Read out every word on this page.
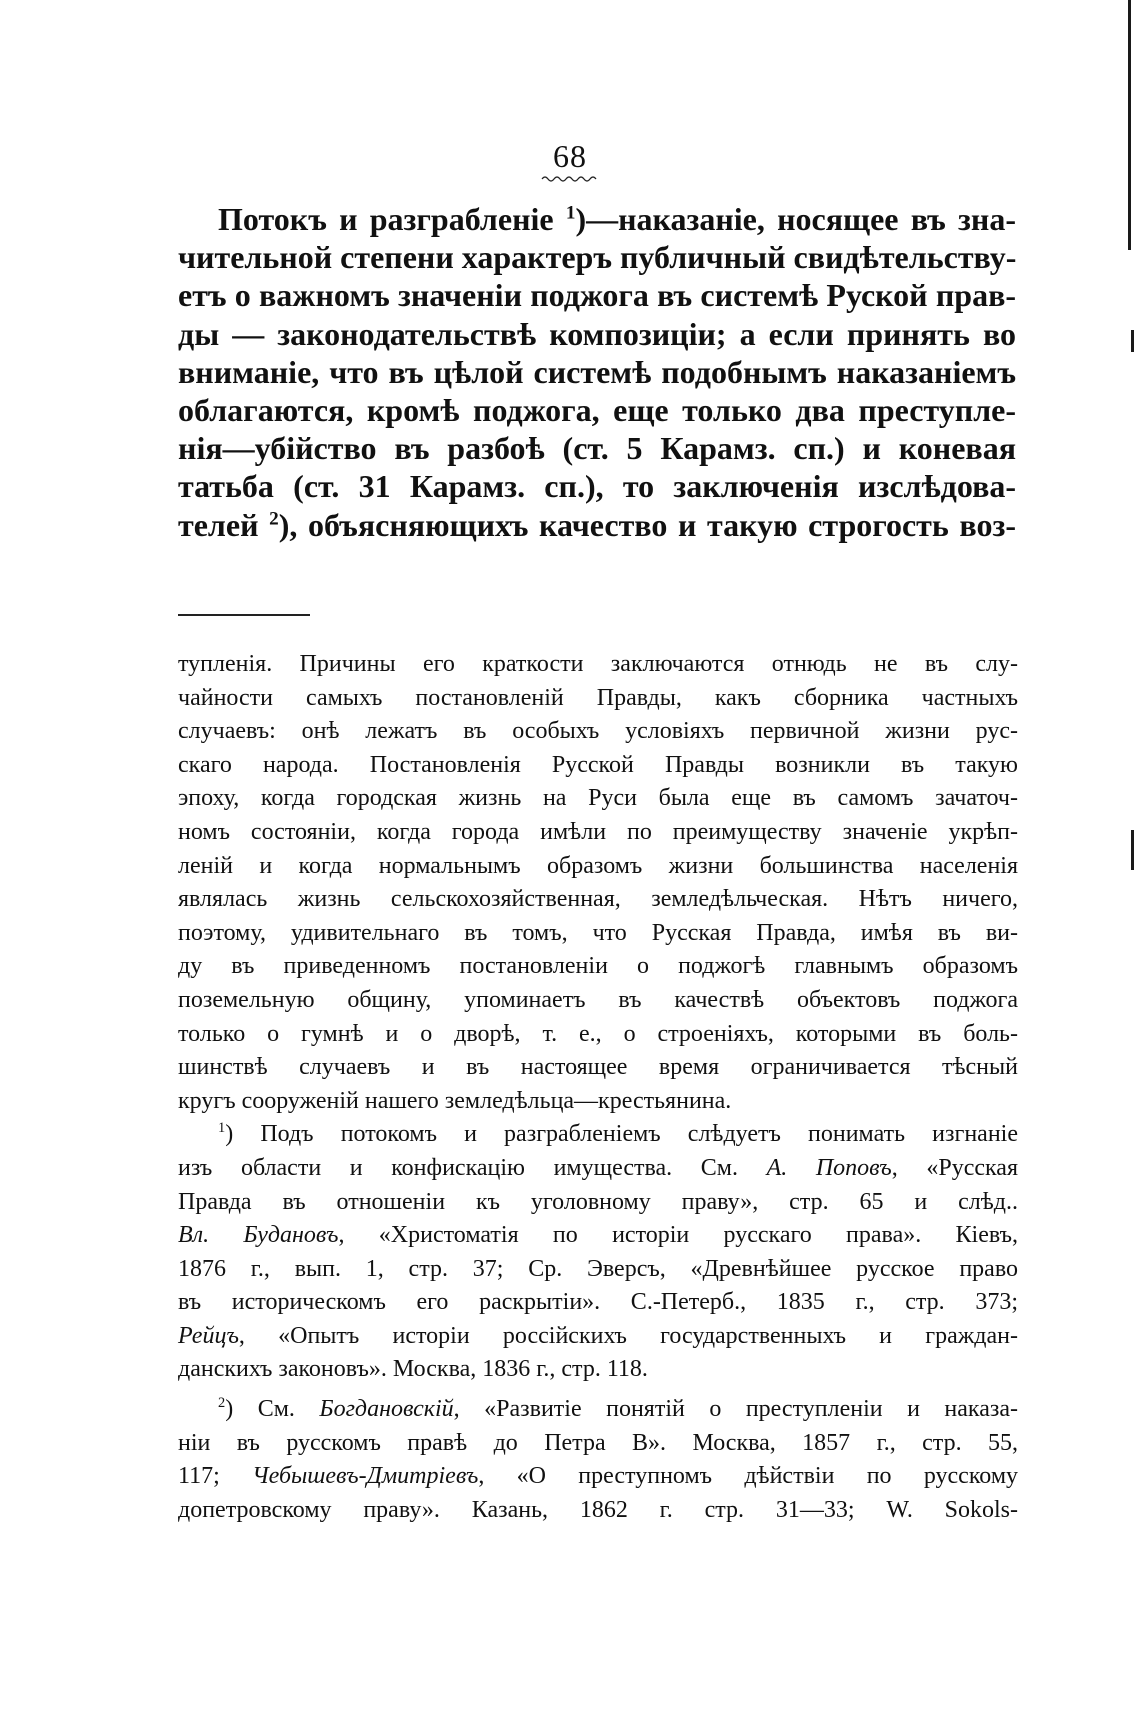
68
Потокъ и разграбленіе $^1$)—наказаніе, носящее въ зна-
чительной степени характеръ публичный свидѣтельству-
етъ о важномъ значеніи поджога въ системѣ Руской прав-
ды — законодательствѣ композиціи; а если принять во
вниманіе, что въ цѣлой системѣ подобнымъ наказаніемъ
облагаются, кромѣ поджога, еще только два преступле-
нія—убійство въ разбоѣ (ст. 5 Карамз. сп.) и коневая
татьба (ст. 31 Карамз. сп.), то заключенія изслѣдова-
телей $^2$), объясняющихъ качество и такую строгость воз-
тупленія. Причины его краткости заключаются отнюдь не въ слу-
чайности самыхъ постановленій Правды, какъ сборника частныхъ
случаевъ: онѣ лежатъ въ особыхъ условіяхъ первичной жизни рус-
скаго народа. Постановленія Русской Правды возникли въ такую
эпоху, когда городская жизнь на Руси была еще въ самомъ зачаточ-
номъ состояніи, когда города имѣли по преимуществу значеніе укрѣп-
леній и когда нормальнымъ образомъ жизни большинства населенія
являлась жизнь сельскохозяйственная, земледѣльческая. Нѣтъ ничего,
поэтому, удивительнаго въ томъ, что Русская Правда, имѣя въ ви-
ду въ приведенномъ постановленіи о поджогѣ главнымъ образомъ
поземельную общину, упоминаетъ въ качествѣ объектовъ поджога
только о гумнѣ и о дворѣ, т. е., о строеніяхъ, которыми въ боль-
шинствѣ случаевъ и въ настоящее время ограничивается тѣсный
кругъ сооруженій нашего земледѣльца—крестьянина.
$^1$) Подъ потокомъ и разграбленіемъ слѣдуетъ понимать изгнаніе
изъ области и конфискацію имущества. См. А. Поповъ, «Русская
Правда въ отношеніи къ уголовному праву», стр. 65 и слѣд..
Вл. Будановъ, «Христоматія по исторіи русскаго права». Кіевъ,
1876 г., вып. 1, стр. 37; Ср. Эверсъ, «Древнѣйшее русское право
въ историческомъ его раскрытіи». С.-Петерб., 1835 г., стр. 373;
Рейцъ, «Опытъ исторіи россійскихъ государственныхъ и граждан-
данскихъ законовъ». Москва, 1836 г., стр. 118.
$^2$) См. Богдановскій, «Развитіе понятій о преступленіи и наказа-
ніи въ русскомъ правѣ до Петра В». Москва, 1857 г., стр. 55,
117; Чебышевъ-Дмитріевъ, «О преступномъ дѣйствіи по русскому
допетровскому праву». Казань, 1862 г. стр. 31—33; W. Sokols-
